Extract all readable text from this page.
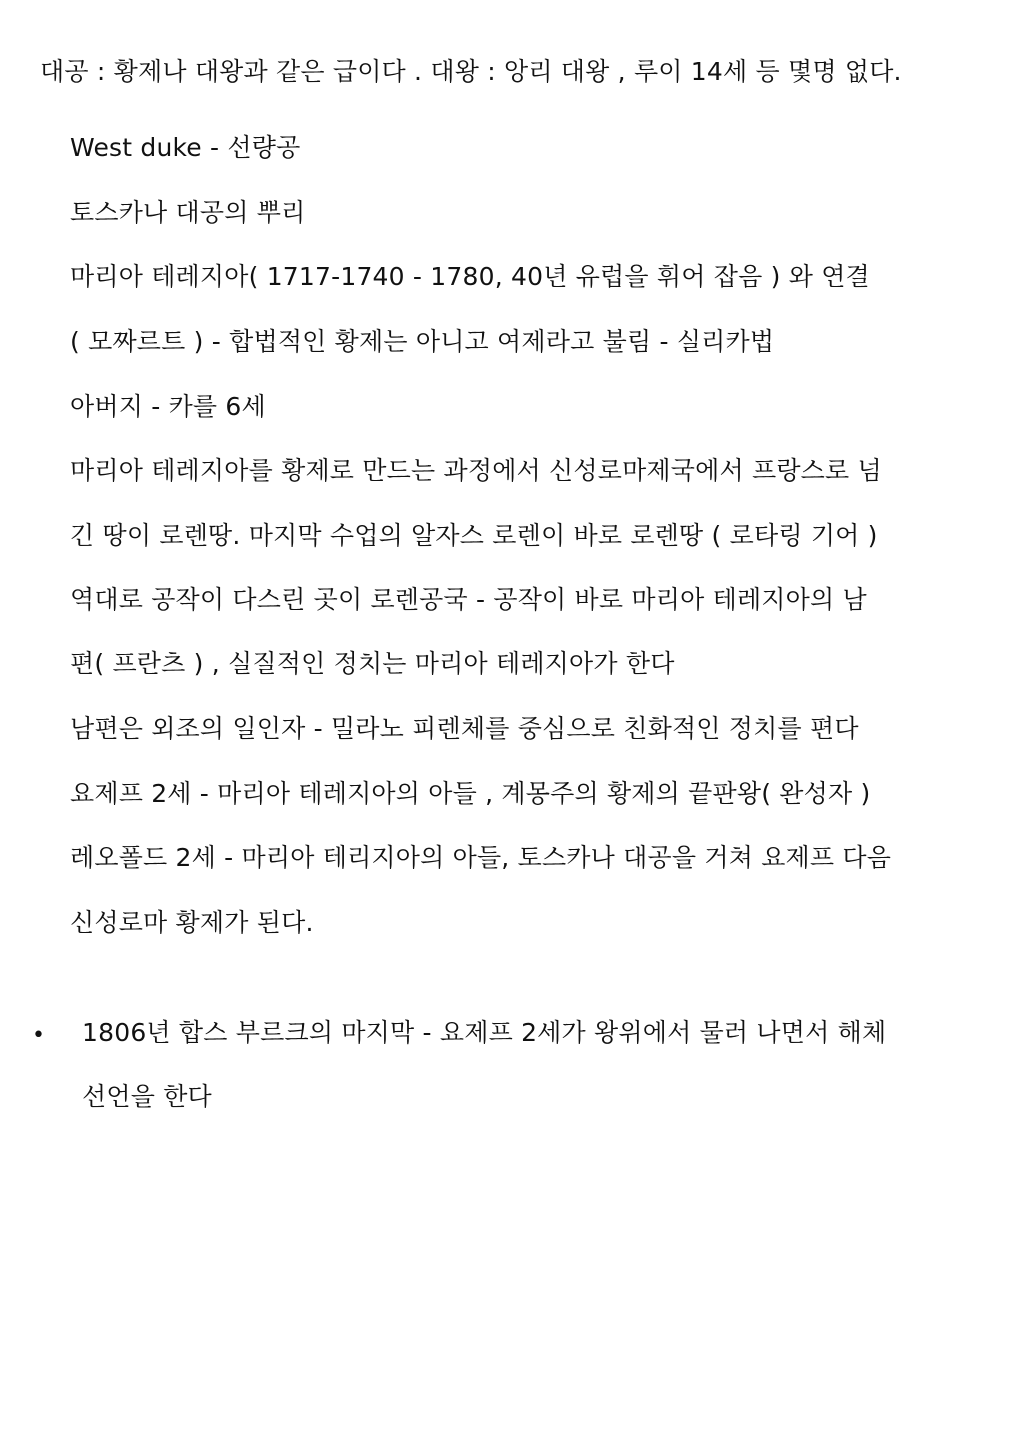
대공 : 황제나 대왕과 같은 급이다 . 대왕 : 앙리 대왕 , 루이 14세 등 몇명 없다.
West duke - 선량공
토스카나 대공의 뿌리
마리아 테레지아( 1717-1740 - 1780, 40년 유럽을 휘어 잡음 ) 와 연결
( 모짜르트 ) - 합법적인 황제는 아니고 여제라고 불림 - 실리카법
아버지 - 카를 6세
마리아 테레지아를 황제로 만드는 과정에서 신성로마제국에서 프랑스로 넘
긴 땅이 로렌땅. 마지막 수업의 알자스 로렌이 바로 로렌땅 ( 로타링 기어 )
역대로 공작이 다스린 곳이 로렌공국 - 공작이 바로 마리아 테레지아의 남
편( 프란츠 ) , 실질적인 정치는 마리아 테레지아가 한다
남편은 외조의 일인자 - 밀라노 피렌체를 중심으로 친화적인 정치를 편다
요제프 2세 - 마리아 테레지아의 아들 , 계몽주의 황제의 끝판왕( 완성자 )
레오폴드 2세 - 마리아 테리지아의 아들, 토스카나 대공을 거쳐 요제프 다음
신성로마 황제가 된다.
• 1806년 합스 부르크의 마지막 - 요제프 2세가 왕위에서 물러 나면서 해체
선언을 한다
